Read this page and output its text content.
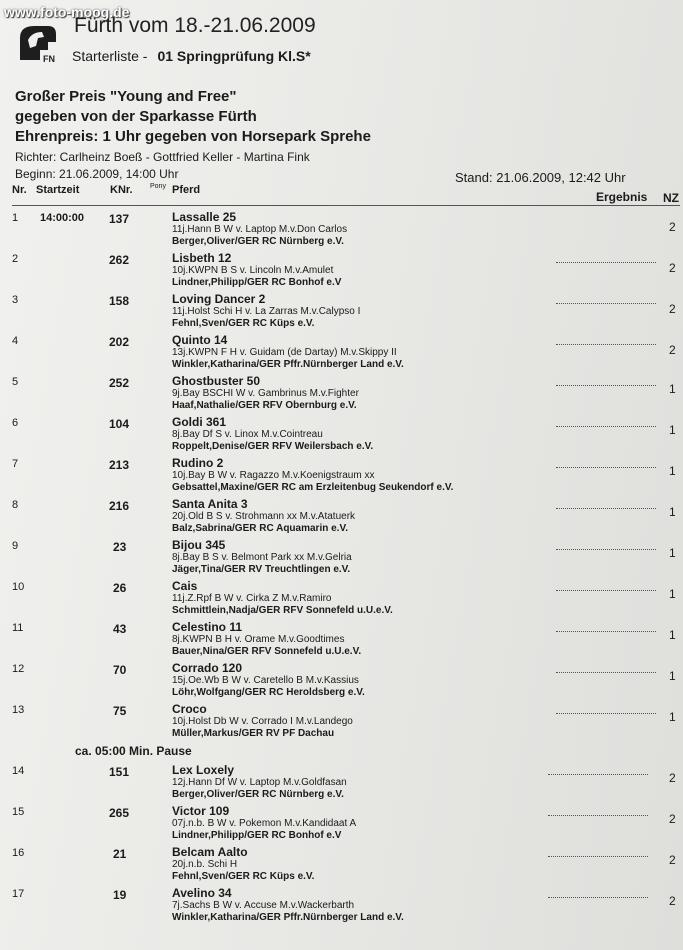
www.foto-moog.de
FN
Fürth vom 18.-21.06.2009
Starterliste - 01 Springprüfung Kl.S*
Großer Preis "Young and Free"
gegeben von der Sparkasse Fürth
Ehrenpreis: 1 Uhr gegeben von Horsepark Sprehe
Richter: Carlheinz Boeß - Gottfried Keller - Martina Fink
Beginn: 21.06.2009, 14:00 Uhr	Stand: 21.06.2009, 12:42 Uhr
Nr. Startzeit	KNr. Pony Pferd	Ergebnis NZ
1 14:00:00 137	Lassalle 25
11j.Hann B W v. Laptop M.v.Don Carlos
Berger,Oliver/GER RC Nürnberg e.V.
2
2	262	Lisbeth 12
10j.KWPN B S v. Lincoln M.v.Amulet
Lindner,Philipp/GER RC Bonhof e.V
2
3	158	Loving Dancer 2
11j.Holst Schi H v. La Zarras M.v.Calypso I
Fehnl,Sven/GER RC Küps e.V.
2
4	202	Quinto 14
13j.KWPN F H v. Guidam (de Dartay) M.v.Skippy II
Winkler,Katharina/GER Pffr.Nürnberger Land e.V.
2
5	252	Ghostbuster 50
9j.Bay BSCHI W v. Gambrinus M.v.Fighter
Haaf,Nathalie/GER RFV Obernburg e.V.
1
6	104	Goldi 361
8j.Bay Df S v. Linox M.v.Cointreau
Roppelt,Denise/GER RFV Weilersbach e.V.
1
7	213	Rudino 2
10j.Bay B W v. Ragazzo M.v.Koenigstraum xx
Gebsattel,Maxine/GER RC am Erzleitenbug Seukendorf e.V.
1
8	216	Santa Anita 3
20j.Old B S v. Strohmann xx M.v.Atatuerk
Balz,Sabrina/GER RC Aquamarin e.V.
1
9	23	Bijou 345
8j.Bay B S v. Belmont Park xx M.v.Gelria
Jäger,Tina/GER RV Treuchtlingen e.V.
1
10	26	Cais
11j.Z.Rpf B W v. Cirka Z M.v.Ramiro
Schmittlein,Nadja/GER RFV Sonnefeld u.U.e.V.
1
11	43	Celestino 11
8j.KWPN B H v. Orame M.v.Goodtimes
Bauer,Nina/GER RFV Sonnefeld u.U.e.V.
1
12	70	Corrado 120
15j.Oe.Wb B W v. Caretello B M.v.Kassius
Löhr,Wolfgang/GER RC Heroldsberg e.V.
1
13	75	Croco
10j.Holst Db W v. Corrado I M.v.Landego
Müller,Markus/GER RV PF Dachau
1
14	151	Lex Loxely
12j.Hann Df W v. Laptop M.v.Goldfasan
Berger,Oliver/GER RC Nürnberg e.V.
2
15	265	Victor 109
07j.n.b. B W v. Pokemon M.v.Kandidaat A
Lindner,Philipp/GER RC Bonhof e.V
2
16	21	Belcam Aalto
20j.n.b. Schi H
Fehnl,Sven/GER RC Küps e.V.
2
17	19	Avelino 34
7j.Sachs B W v. Accuse M.v.Wackerbarth
Winkler,Katharina/GER Pffr.Nürnberger Land e.V.
2
ca. 05:00 Min. Pause
